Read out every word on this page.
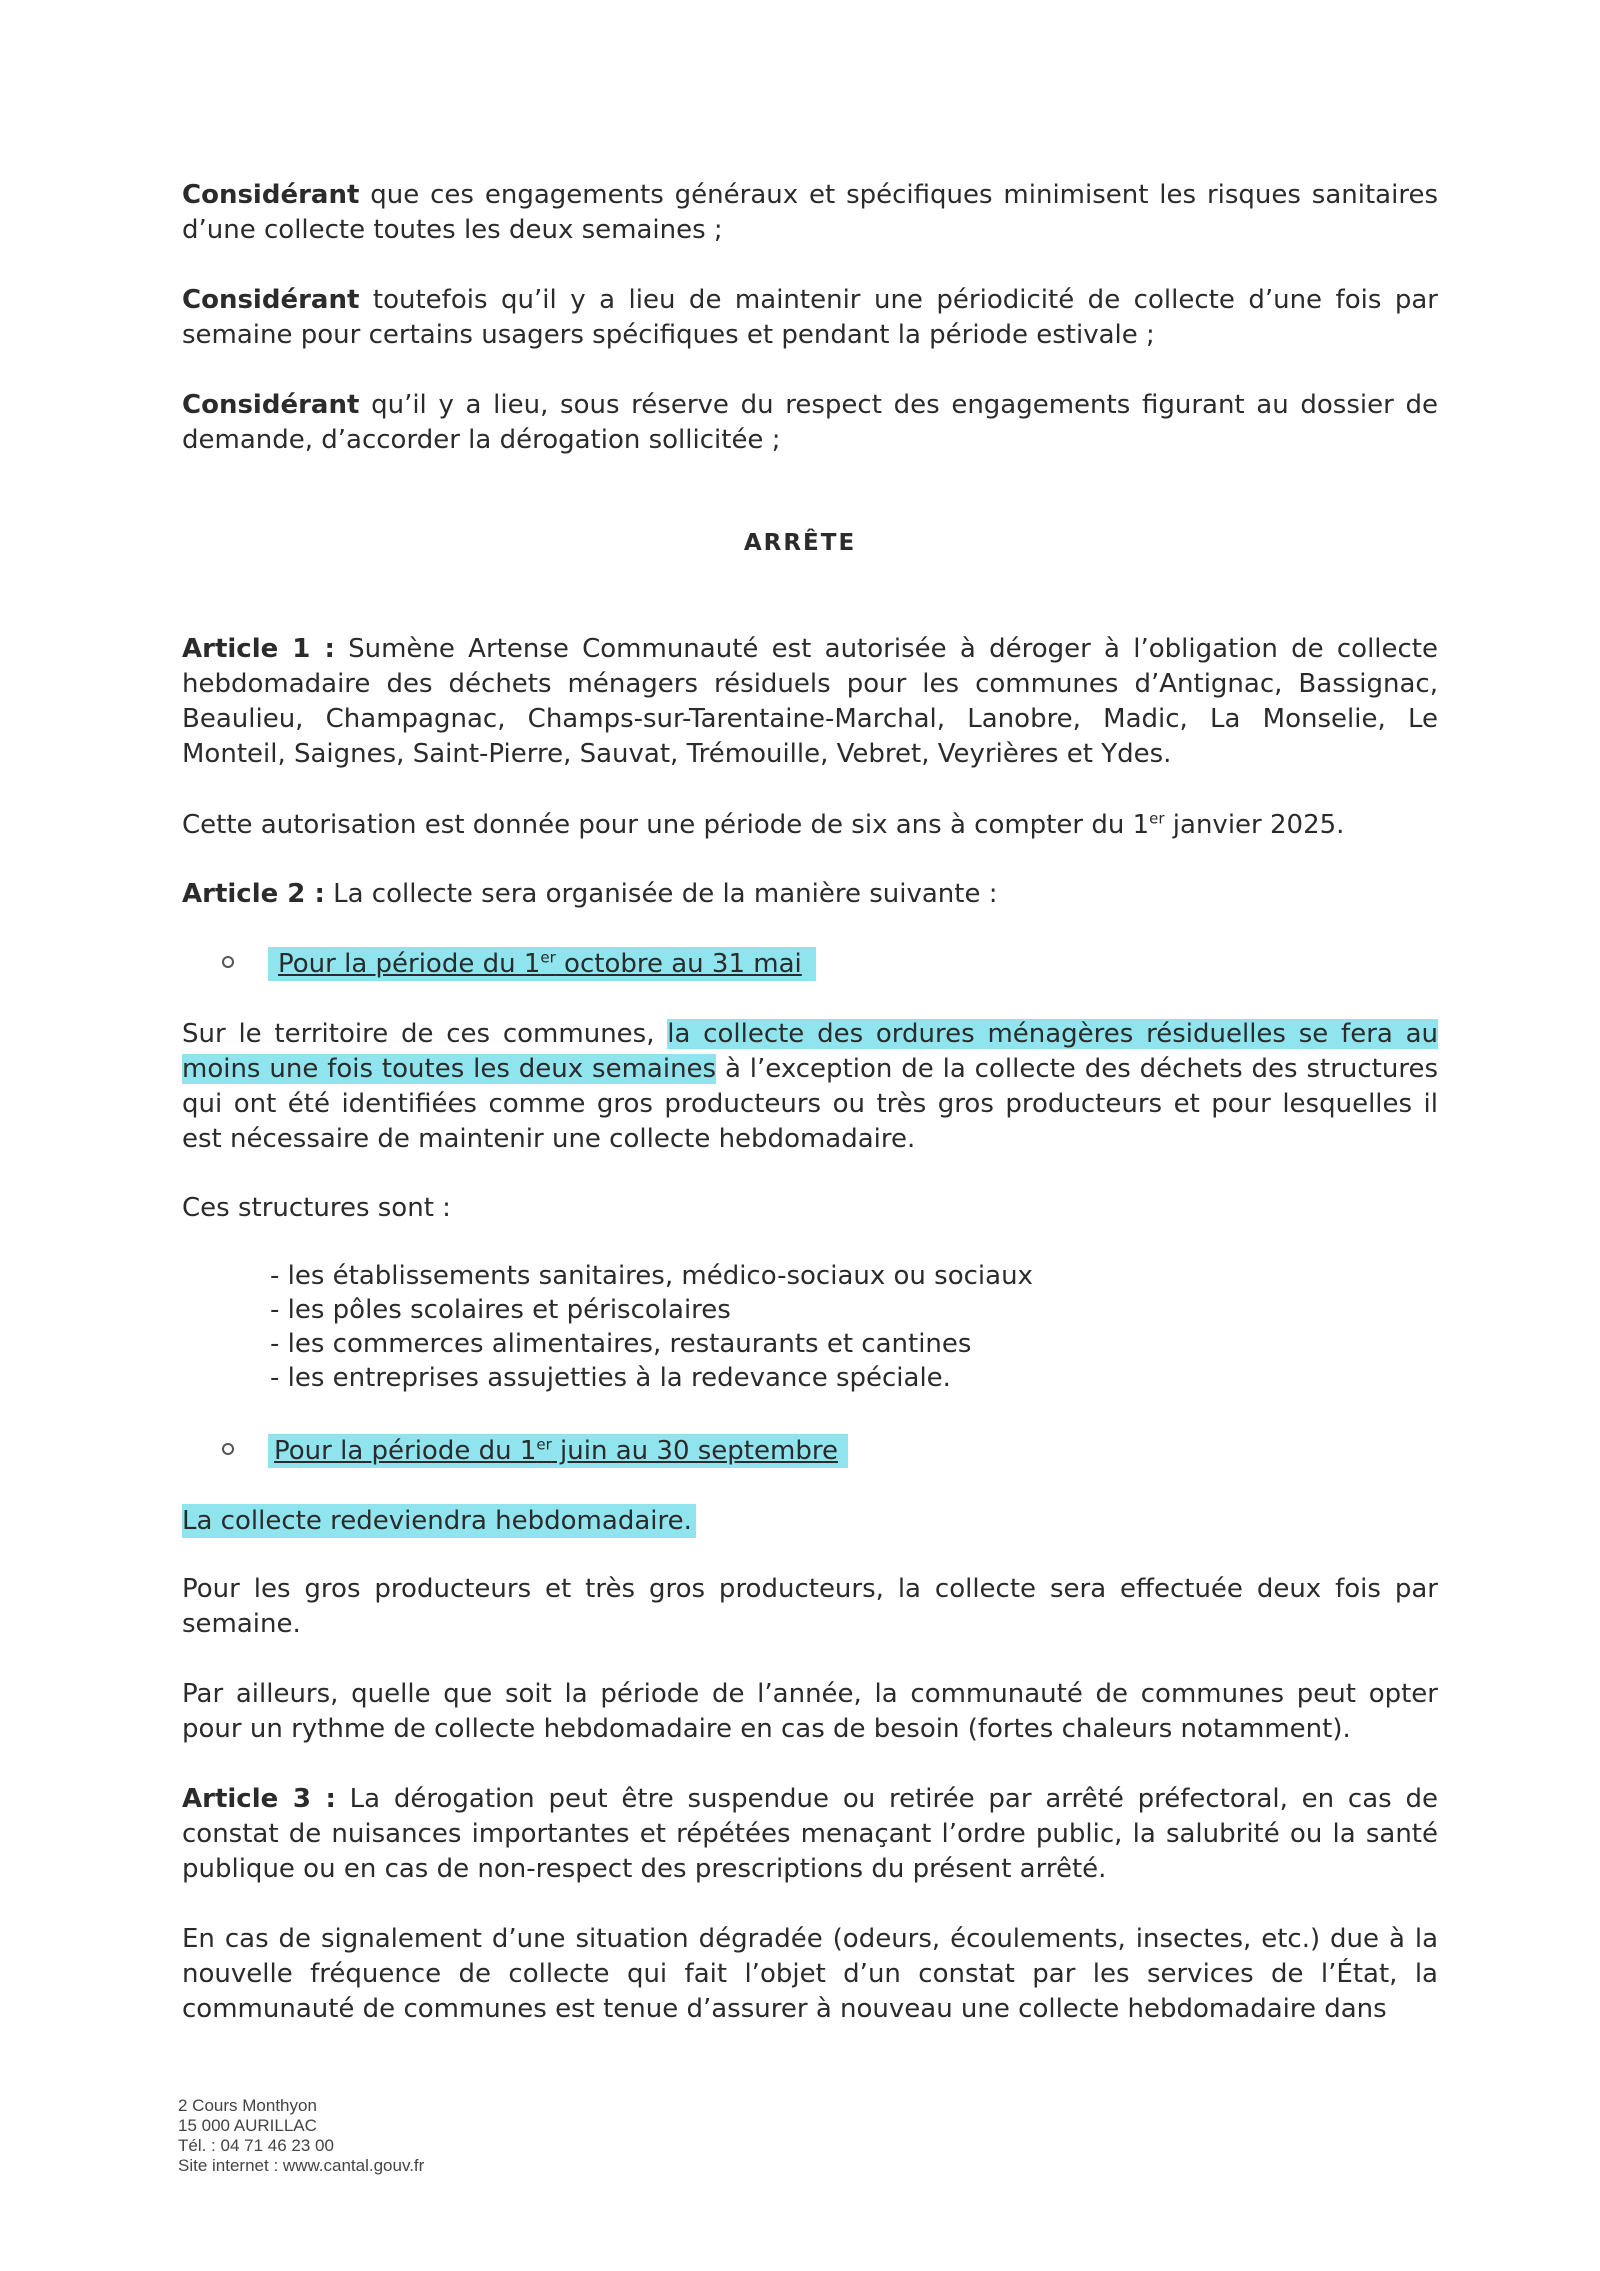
Considérant que ces engagements généraux et spécifiques minimisent les risques sanitaires d’une collecte toutes les deux semaines ;

Considérant toutefois qu’il y a lieu de maintenir une périodicité de collecte d’une fois par semaine pour certains usagers spécifiques et pendant la période estivale ;

Considérant qu’il y a lieu, sous réserve du respect des engagements figurant au dossier de demande, d’accorder la dérogation sollicitée ;

ARRÊTE

Article 1 : Sumène Artense Communauté est autorisée à déroger à l’obligation de collecte hebdomadaire des déchets ménagers résiduels pour les communes d’Antignac, Bassignac, Beaulieu, Champagnac, Champs-sur-Tarentaine-Marchal, Lanobre, Madic, La Monselie, Le Monteil, Saignes, Saint-Pierre, Sauvat, Trémouille, Vebret, Veyrières et Ydes.

Cette autorisation est donnée pour une période de six ans à compter du 1er janvier 2025.

Article 2 : La collecte sera organisée de la manière suivante :

Pour la période du 1er octobre au 31 mai

Sur le territoire de ces communes, la collecte des ordures ménagères résiduelles se fera au moins une fois toutes les deux semaines à l’exception de la collecte des déchets des structures qui ont été identifiées comme gros producteurs ou très gros producteurs et pour lesquelles il est nécessaire de maintenir une collecte hebdomadaire.

Ces structures sont :
- les établissements sanitaires, médico-sociaux ou sociaux
- les pôles scolaires et périscolaires
- les commerces alimentaires, restaurants et cantines
- les entreprises assujetties à la redevance spéciale.
Pour la période du 1er juin au 30 septembre

La collecte redeviendra hebdomadaire.

Pour les gros producteurs et très gros producteurs, la collecte sera effectuée deux fois par semaine.
Par ailleurs, quelle que soit la période de l’année, la communauté de communes peut opter pour un rythme de collecte hebdomadaire en cas de besoin (fortes chaleurs notamment).

Article 3 : La dérogation peut être suspendue ou retirée par arrêté préfectoral, en cas de constat de nuisances importantes et répétées menaçant l’ordre public, la salubrité ou la santé publique ou en cas de non-respect des prescriptions du présent arrêté.

En cas de signalement d’une situation dégradée (odeurs, écoulements, insectes, etc.) due à la nouvelle fréquence de collecte qui fait l’objet d’un constat par les services de l’État, la communauté de communes est tenue d’assurer à nouveau une collecte hebdomadaire dans
2 Cours Monthyon
15 000 AURILLAC
Tél. : 04 71 46 23 00
Site internet : www.cantal.gouv.fr
